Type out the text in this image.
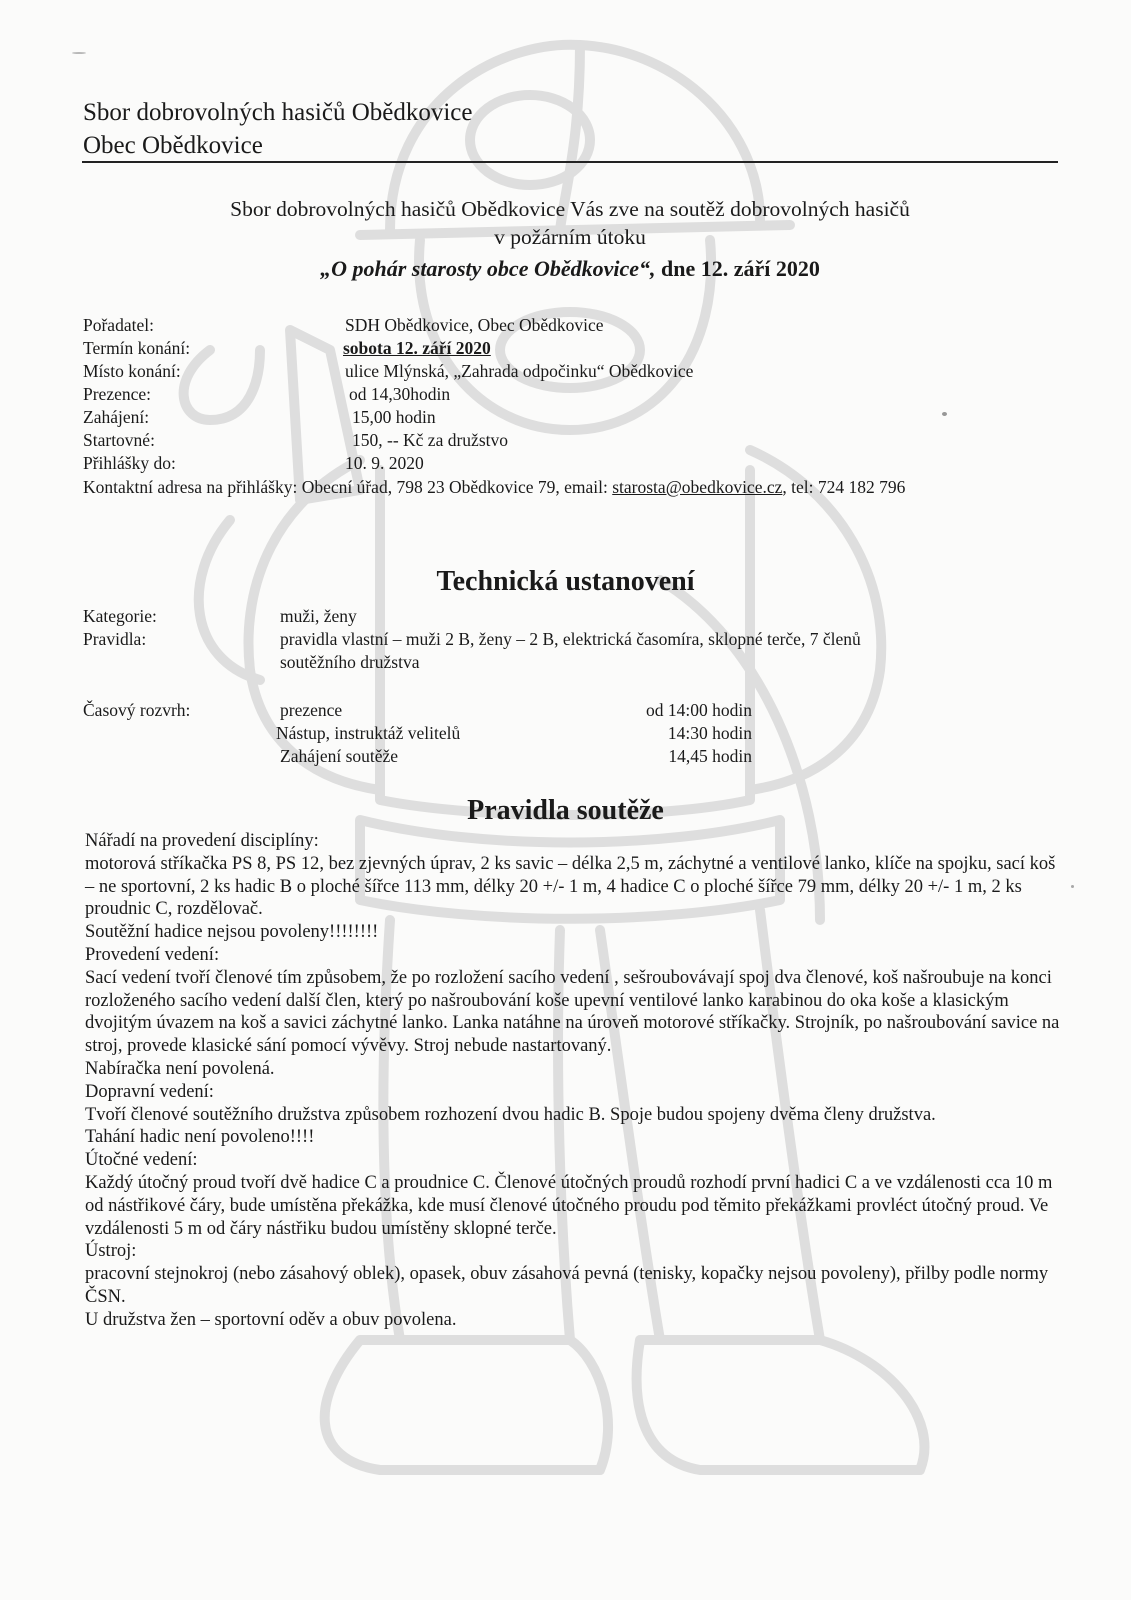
Sbor dobrovolných hasičů Obědkovice
Obec Obědkovice
Sbor dobrovolných hasičů Obědkovice Vás zve na soutěž dobrovolných hasičů
v požárním útoku
„O pohár starosty obce Obědkovice“, dne 12. září 2020
Pořadatel:	SDH Obědkovice, Obec Obědkovice
Termín konání:	sobota 12. září 2020
Místo konání:	ulice Mlýnská, „Zahrada odpočinku“ Obědkovice
Prezence:	od 14,30hodin
Zahájení:	15,00 hodin
Startovné:	150, -- Kč za družstvo
Přihlášky do:	10. 9. 2020
Kontaktní adresa na přihlášky: Obecní úřad, 798 23 Obědkovice 79, email: starosta@obedkovice.cz, tel: 724 182 796
Technická ustanovení
Kategorie:	muži, ženy
Pravidla:	pravidla vlastní – muži 2 B, ženy – 2 B, elektrická časomíra, sklopné terče, 7 členů
soutěžního družstva
Časový rozvrh:	prezence	od 14:00 hodin
Nástup, instruktáž velitelů	14:30 hodin
Zahájení soutěže	14,45 hodin
Pravidla soutěže

Nářadí na provedení disciplíny:

motorová stříkačka PS 8, PS 12, bez zjevných úprav, 2 ks savic – délka 2,5 m, záchytné a ventilové lanko, klíče na spojku, sací koš – ne sportovní, 2 ks hadic B o ploché šířce 113 mm, délky 20 +/- 1 m, 4 hadice C o ploché šířce 79 mm, délky 20 +/- 1 m, 2 ks proudnic C, rozdělovač.

Soutěžní hadice nejsou povoleny!!!!!!!!

Provedení vedení:

Sací vedení tvoří členové tím způsobem, že po rozložení sacího vedení , sešroubovávají spoj dva členové, koš našroubuje na konci rozloženého sacího vedení další člen, který po našroubování koše upevní ventilové lanko karabinou do oka koše a klasickým dvojitým úvazem na koš a savici záchytné lanko. Lanka natáhne na úroveň motorové stříkačky. Strojník, po našroubování savice na stroj, provede klasické sání pomocí vývěvy. Stroj nebude nastartovaný.

Nabíračka není povolená.

Dopravní vedení:

Tvoří členové soutěžního družstva způsobem rozhození dvou hadic B. Spoje budou spojeny dvěma členy družstva.

Tahání hadic není povoleno!!!!

Útočné vedení:

Každý útočný proud tvoří dvě hadice C a proudnice C. Členové útočných proudů rozhodí první hadici C a ve vzdálenosti cca 10 m od nástřikové čáry, bude umístěna překážka, kde musí členové útočného proudu pod těmito překážkami provléct útočný proud. Ve vzdálenosti 5 m od čáry nástřiku budou umístěny sklopné terče.

Ústroj:

pracovní stejnokroj (nebo zásahový oblek), opasek, obuv zásahová pevná (tenisky, kopačky nejsou povoleny), přilby podle normy ČSN.

U družstva žen – sportovní oděv a obuv povolena.
